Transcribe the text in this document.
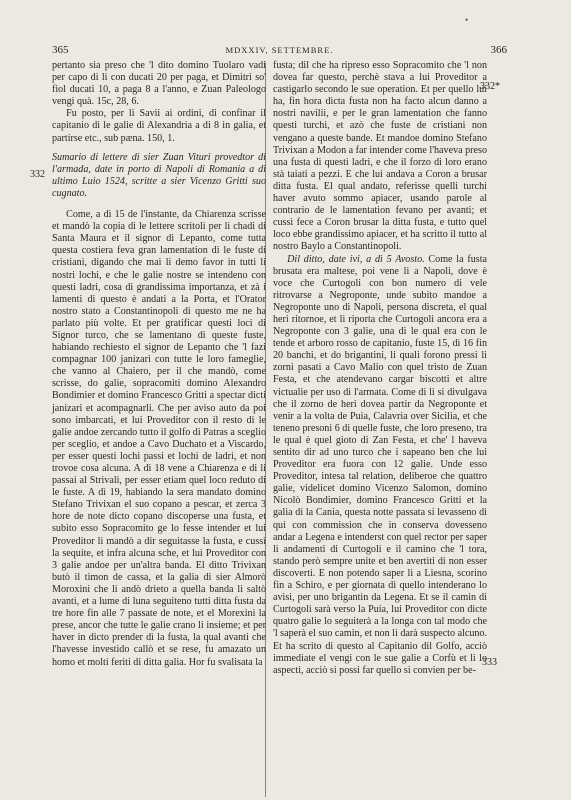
•
365	MDXXIV, SETTEMBRE.	366
332
332*
333

pertanto sia preso che 'l dito domino Tuolaro vadi per capo di li con ducati 20 per paga, et Dimitri so' fiol ducati 10, a paga 8 a l'anno, e Zuan Paleologo vengi quà. 15c, 28, 6.

Fu posto, per li Savii ai ordini, di confinar il capitanio di le galie di Alexandria a di 8 in galia, et partirse etc., sub pæna. 150, 1.

Sumario di lettere di sier Zuan Vituri provedtor di l'armada, date in porto di Napoli di Romania a dì ultimo Luio 1524, scritte a sier Vicenzo Gritti suo cugnato.

Come, a dì 15 de l'instante, da Chiarenza scrisse et mandò la copia di le lettere scritoli per li chadi di Santa Maura et il signor di Lepanto, come tutta questa costiera feva gran lamentation di le fuste di cristiani, digando che mai li demo favor in tutti li nostri lochi, e che le galie nostre se intendeno con questi ladri, cosa di grandissima importanza, et zà i lamenti di questo è andati a la Porta, et l'Orator nostro stato a Constantinopoli di questo me ne ha parlato più volte. Et per gratificar questi loci di Signor turco, che se lamentano di queste fuste, habiando rechiesto el signor de Lepanto che 'l fazi compagnar 100 janizari con tutte le loro fameglie, che vanno al Chaiero, per il che mandò, come scrisse, do galie, sopracomiti domino Alexandro Bondimier et domino Francesco Gritti a spectar dicti janizari et acompagnarli. Che per aviso auto da poi sono imbarcati, et lui Proveditor con il resto di le galie andoe zercando tutto il golfo di Patras a sceglio per sceglio, et andoe a Cavo Duchato et a Viscardo, per esser questi lochi passi et lochi de ladri, et non trovoe cosa alcuna. A dì 18 vene a Chiarenza e di li passai al Strivali, per esser etiam quel loco reduto di le fuste. A dì 19, habiando la sera mandato domino Stefano Trivixan el suo copano a pescar, et zerca 3 hore de note dicto copano discoperse una fusta, et subito esso Sopracomito ge lo fesse intender et lui Proveditor li mandò a dir seguitasse la fusta, e cussì la sequite, et infra alcuna sche, et lui Proveditor con 3 galie andoe per un'altra banda. El ditto Trivixan butò il timon de cassa, et la galia di sier Almorò Moroxini che li andò drieto a quella banda li saltò avanti, et a lume di luna seguiteno tutti ditta fusta da tre hore fin alle 7 passate de note, et el Morexini la prese, ancor che tutte le galie crano li insieme; et per haver in dicto prender dì la fusta, la qual avanti che l'havesse investido callò et se rese, fu amazato un homo et molti feriti di ditta galia. Hor fu svalisata la

fusta; dil che ha ripreso esso Sopracomito che 'l non dovea far questo, perchè stava a lui Proveditor a castigarlo secondo le sue operation. Et per quello lui ha, fin hora dicta fusta non ha facto alcun danno a nostri navilii, e per le gran lamentation che fanno questi turchi, et azò che fuste de cristiani non vengano a queste bande. Et mandoe domino Stefano Trivixan a Modon a far intender come l'haveva preso una fusta di questi ladri, e che il forzo di loro erano stà taiati a pezzi. E che lui andava a Coron a brusar ditta fusta. El qual andato, referisse quelli turchi haver avuto sommo apiacer, usando parole al contrario de le lamentation fevano per avanti; et cussì fece a Coron brusar la ditta fusta, e tutto quel loco ebbe grandissimo apiacer, et ha scritto il tutto al nostro Baylo a Constantinopoli.

Dil ditto, date ivi, a dì 5 Avosto. Come la fusta brusata era maltese, poi vene li a Napoli, dove è voce che Curtogoli con bon numero di vele ritrovarse a Negroponte, unde subito mandoe a Negroponte uno di Napoli, persona discreta, el qual heri ritornoe, et li riporta che Curtogoli ancora era a Negroponte con 3 galie, una di le qual era con le tende et arboro rosso de capitanio, fuste 15, di 16 fin 20 banchi, et do brigantini, li quali forono pressi li zorni pasati a Cavo Malio con quel tristo de Zuan Festa, et che atendevano cargar biscotti et altre victualie per uso di l'armata. Come di li si divulgava che il zorno de heri dovea partir da Negroponte et venir a la volta de Puia, Calavria over Sicilia, et che teneno presoni 6 di quelle fuste, che loro preseno, tra le qual è quel gioto di Zan Festa, et che' l haveva sentito dir ad uno turco che i sapeano ben che lui Proveditor era fuora con 12 galie. Unde esso Proveditor, intesa tal relation, deliberoe che quattro galie, videlicet domino Vicenzo Salomon, domino Nicolò Bondimier, domino Francesco Gritti et la galia di la Cania, questa notte passata si levasseno di qui con commission che in conserva dovesseno andar a Legena e intenderst con quel rector per saper li andamenti di Curtogoli e il camino che 'l tora, stando però sempre unite et ben avertiti di non esser discoverti. E non potendo saper li a Liesna, scorino fin a Schiro, e per giornata di quello intenderano lo avisi, per uno brigantin da Legena. Et se il camin di Curtogoli sarà verso la Puia, lui Proveditor con dicte quatro galie lo seguiterà a la longa con tal modo che 'l saperà el suo camin, et non li darà suspecto alcuno. Et ha scrito di questo al Capitanio dil Golfo, acciò immediate el vengi con le sue galie a Corfù et li lo aspecti, acciò si possi far quello si convien per be-
